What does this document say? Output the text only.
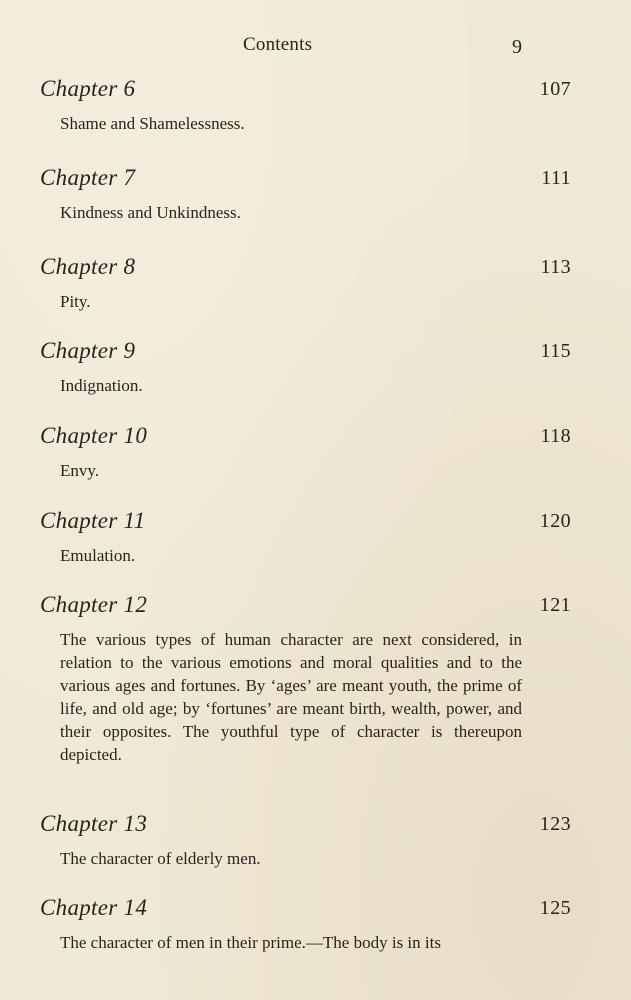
Contents	9
Chapter 6	107
Shame and Shamelessness.
Chapter 7	111
Kindness and Unkindness.
Chapter 8	113
Pity.
Chapter 9	115
Indignation.
Chapter 10	118
Envy.
Chapter 11	120
Emulation.
Chapter 12	121
The various types of human character are next considered, in relation to the various emotions and moral qualities and to the various ages and fortunes. By ‘ages’ are meant youth, the prime of life, and old age; by ‘fortunes’ are meant birth, wealth, power, and their opposites. The youthful type of character is thereupon depicted.
Chapter 13	123
The character of elderly men.
Chapter 14	125
The character of men in their prime.—The body is in its
